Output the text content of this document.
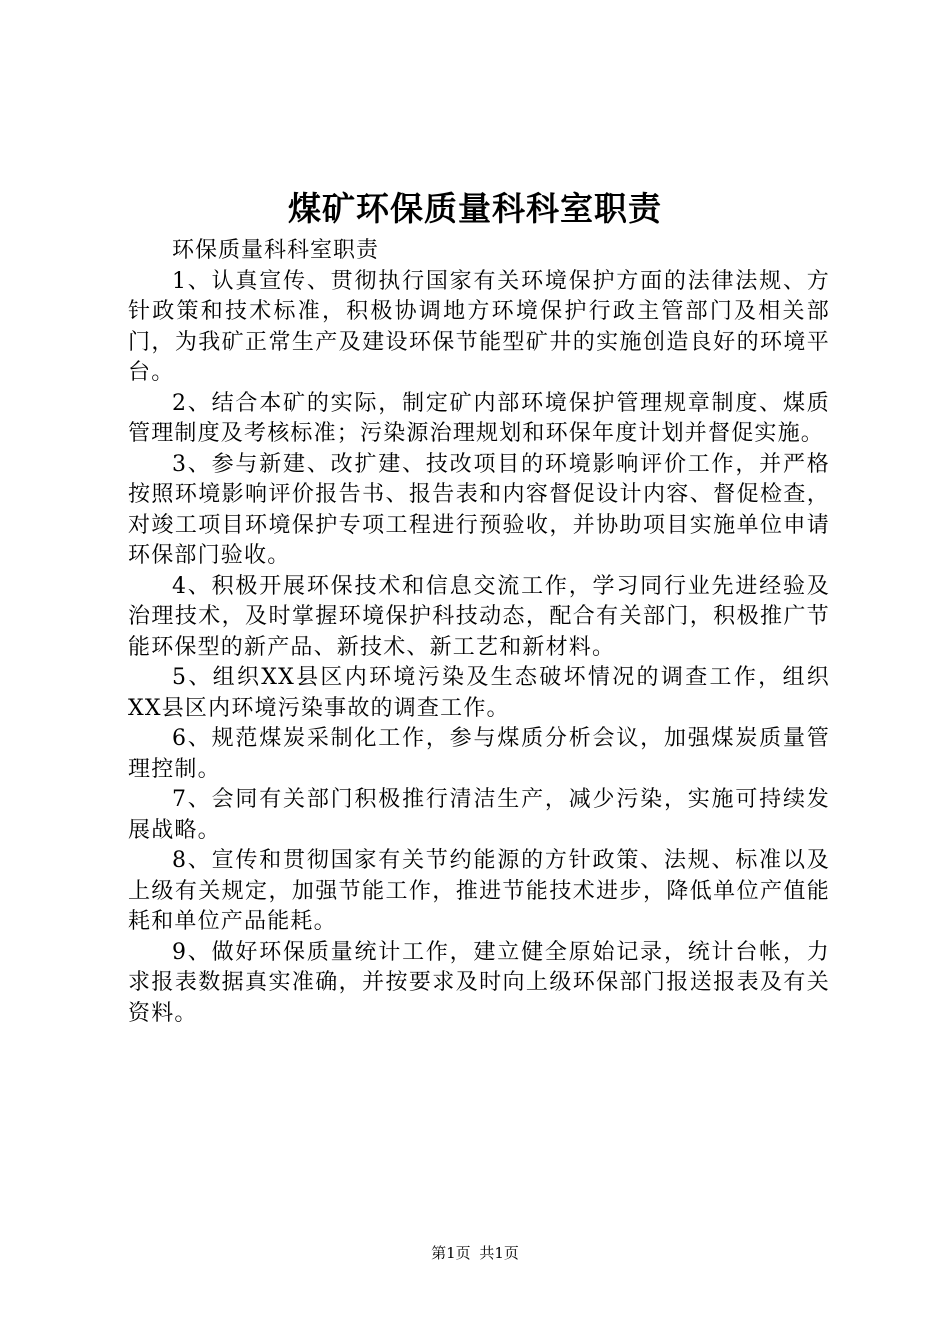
煤矿环保质量科科室职责

环保质量科科室职责

1、认真宣传、贯彻执行国家有关环境保护方面的法律法规、方针政策和技术标准，积极协调地方环境保护行政主管部门及相关部门，为我矿正常生产及建设环保节能型矿井的实施创造良好的环境平台。

2、结合本矿的实际，制定矿内部环境保护管理规章制度、煤质管理制度及考核标准；污染源治理规划和环保年度计划并督促实施。

3、参与新建、改扩建、技改项目的环境影响评价工作，并严格按照环境影响评价报告书、报告表和内容督促设计内容、督促检查，对竣工项目环境保护专项工程进行预验收，并协助项目实施单位申请环保部门验收。

4、积极开展环保技术和信息交流工作，学习同行业先进经验及治理技术，及时掌握环境保护科技动态，配合有关部门，积极推广节能环保型的新产品、新技术、新工艺和新材料。

5、组织XX县区内环境污染及生态破坏情况的调查工作，组织XX县区内环境污染事故的调查工作。

6、规范煤炭采制化工作，参与煤质分析会议，加强煤炭质量管理控制。

7、会同有关部门积极推行清洁生产，减少污染，实施可持续发展战略。

8、宣传和贯彻国家有关节约能源的方针政策、法规、标准以及上级有关规定，加强节能工作，推进节能技术进步，降低单位产值能耗和单位产品能耗。

9、做好环保质量统计工作，建立健全原始记录，统计台帐，力求报表数据真实准确，并按要求及时向上级环保部门报送报表及有关资料。

第1页 共1页
